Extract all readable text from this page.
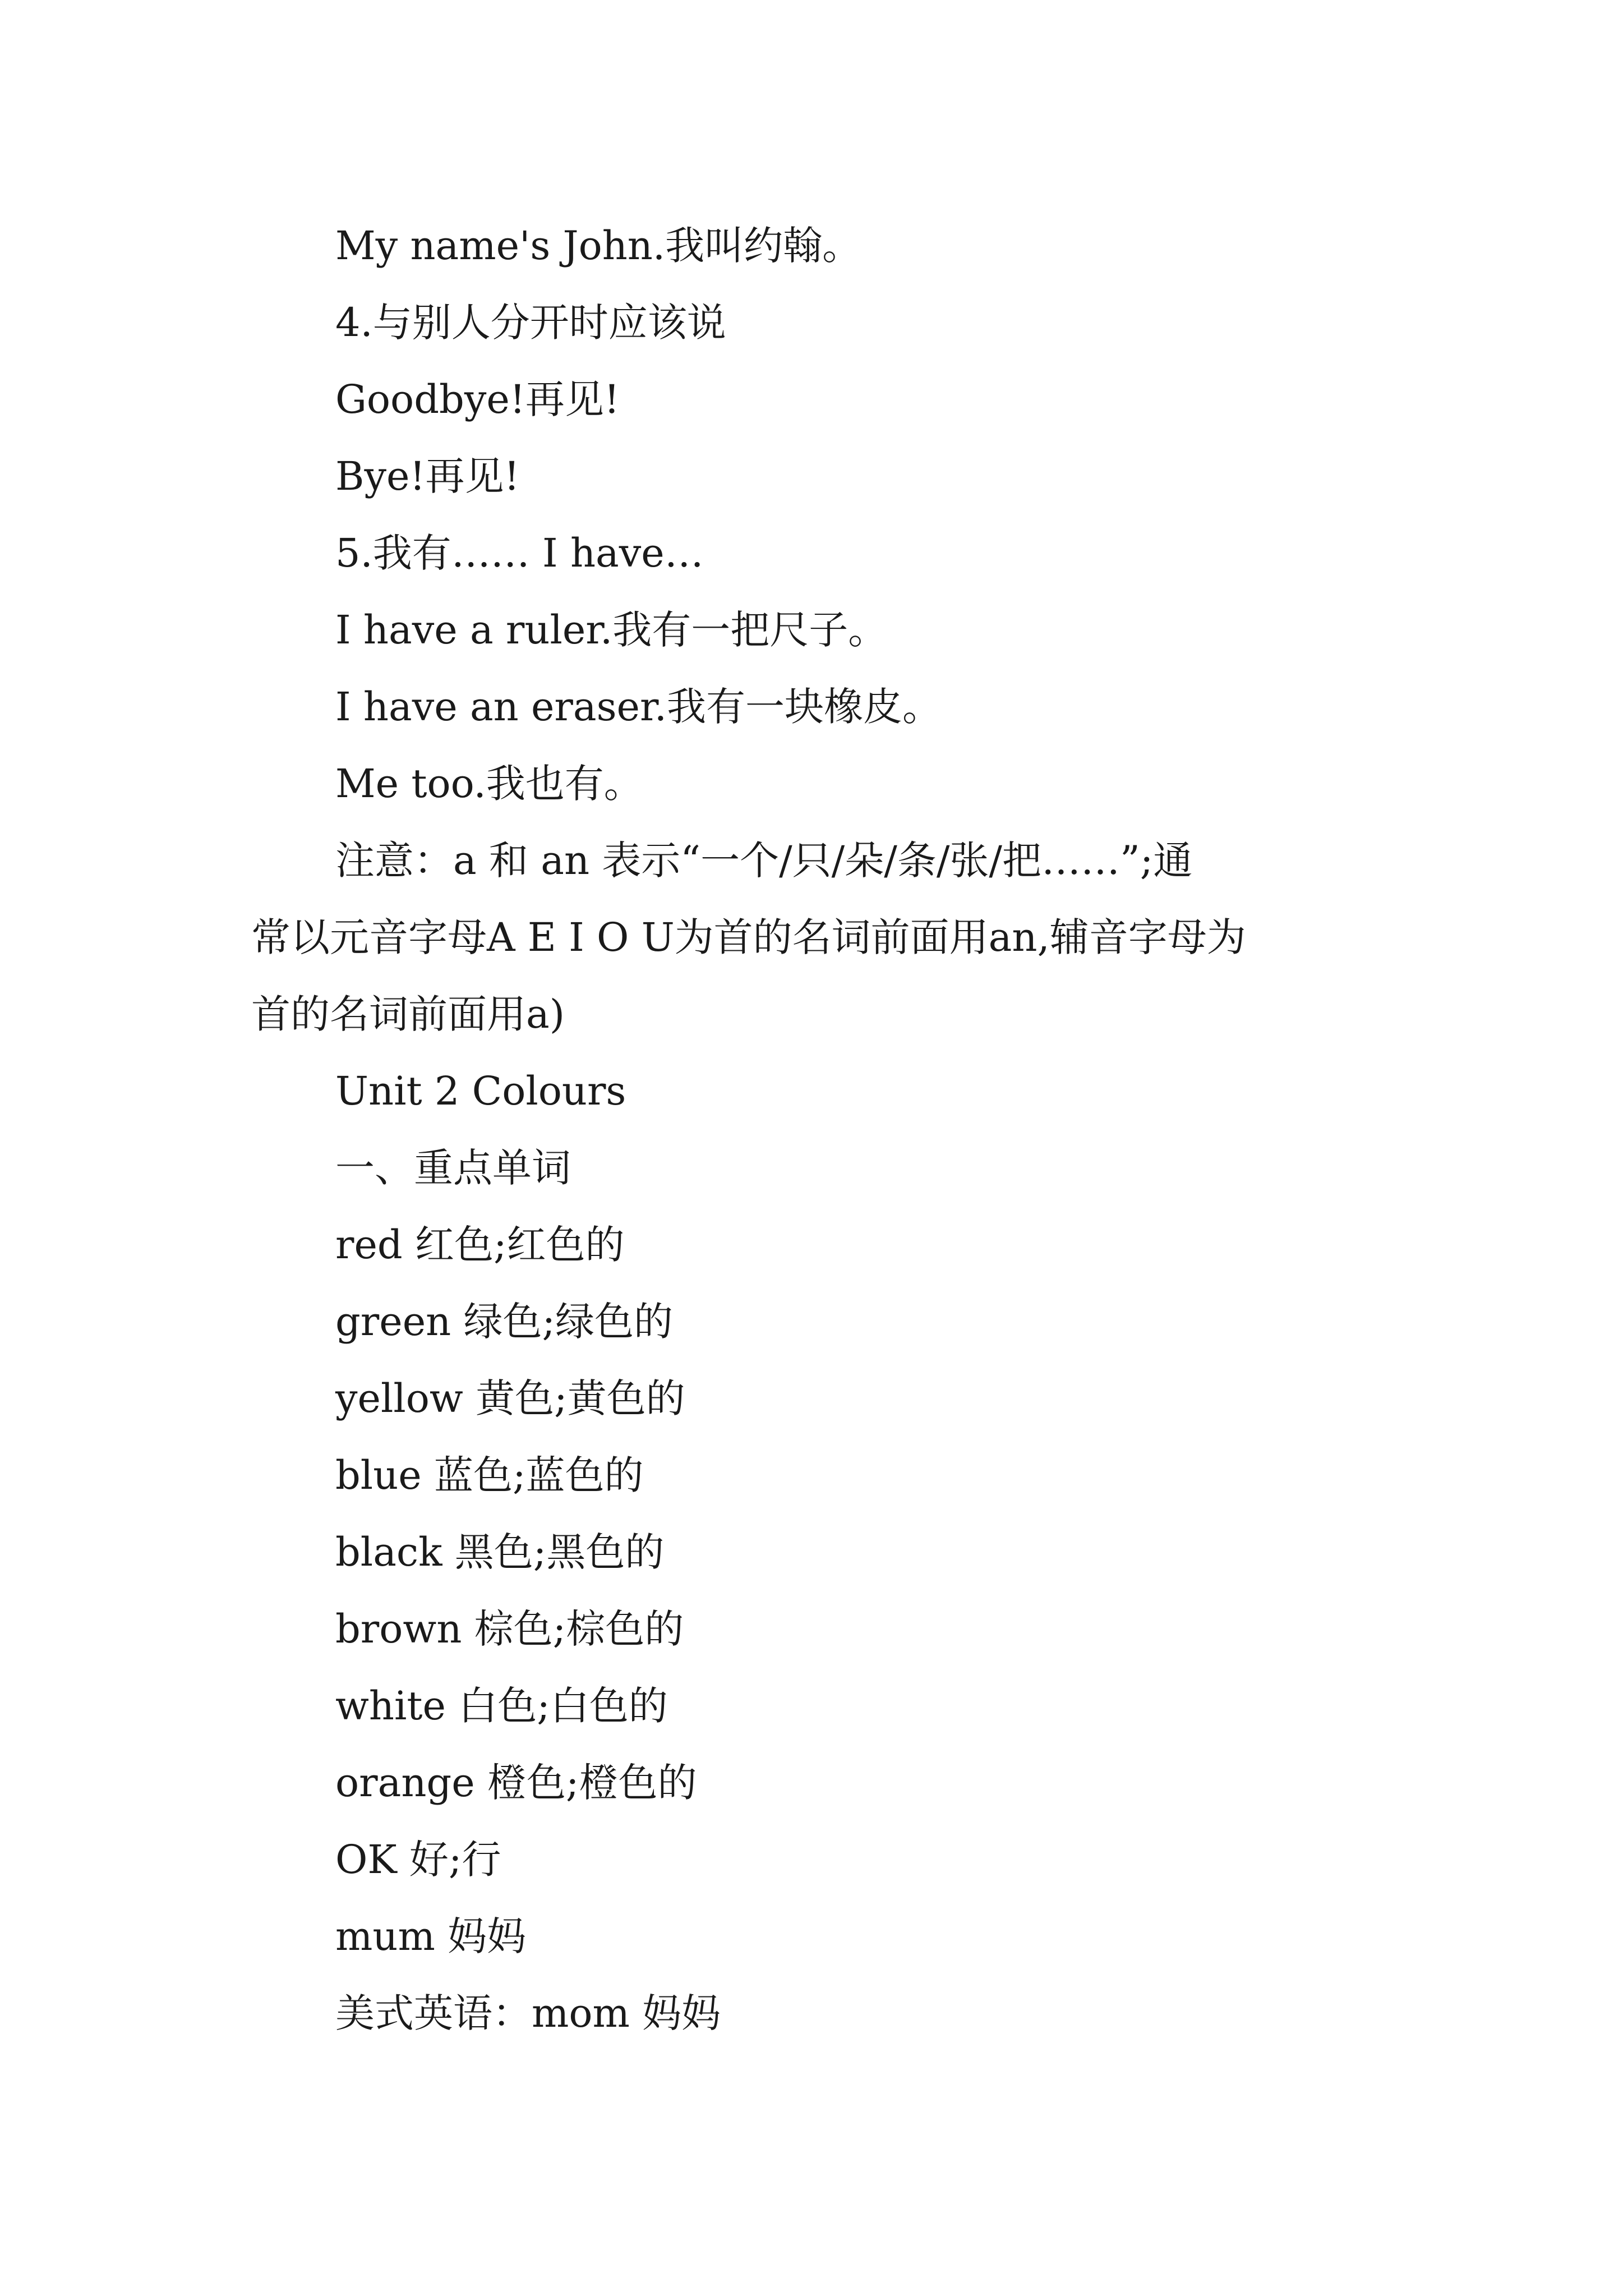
My name's John.我叫约翰。
4.与别人分开时应该说
Goodbye!再见!
Bye!再见!
5.我有…… I have…
I have a ruler.我有一把尺子。
I have an eraser.我有一块橡皮。
Me too.我也有。
注意：a 和 an 表示“一个/只/朵/条/张/把……”;通
常以元音字母A E I O U为首的名词前面用an,辅音字母为
首的名词前面用a)
Unit 2 Colours
一、重点单词
red 红色;红色的
green 绿色;绿色的
yellow 黄色;黄色的
blue 蓝色;蓝色的
black 黑色;黑色的
brown 棕色;棕色的
white 白色;白色的
orange 橙色;橙色的
OK 好;行
mum 妈妈
美式英语：mom 妈妈
